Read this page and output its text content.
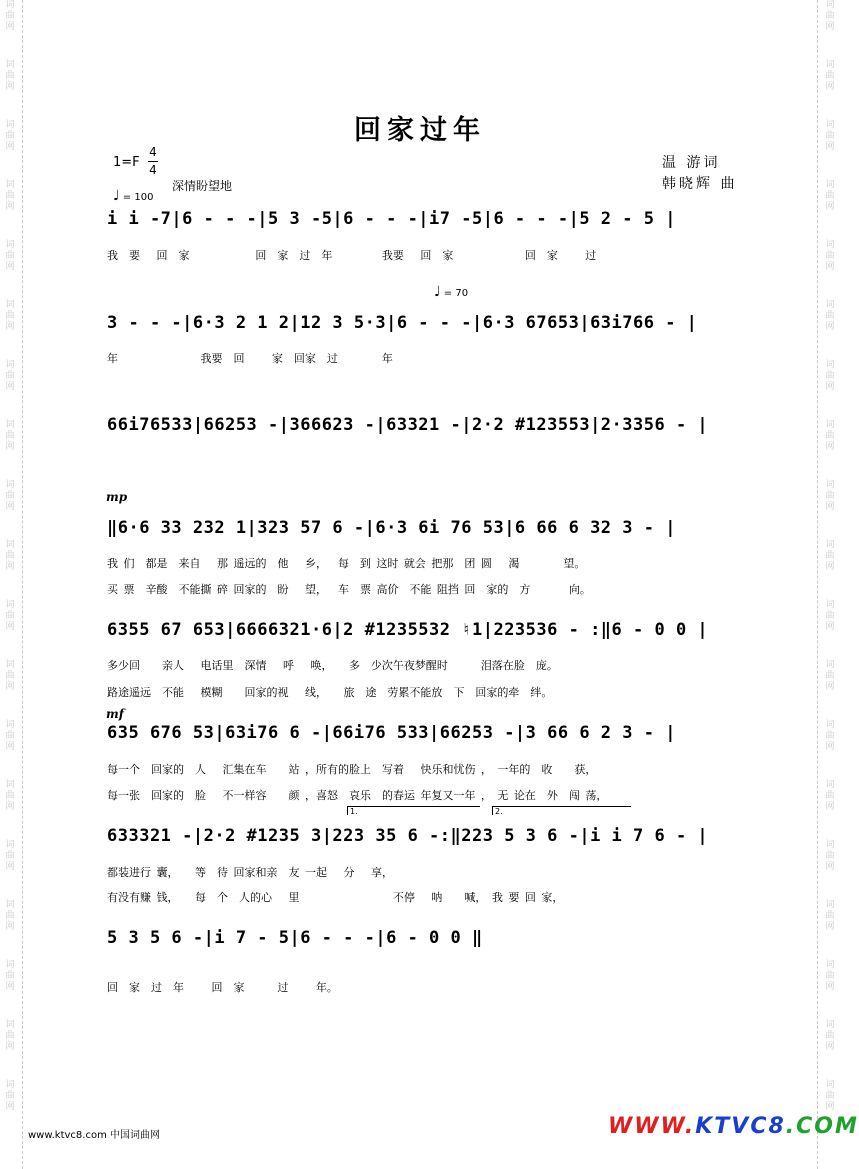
词
曲
网
词
曲
网
词
曲
网
词
曲
网
词
曲
网
词
曲
网
词
曲
网
词
曲
网
词
曲
网
词
曲
网
词
曲
网
词
曲
网
词
曲
网
词
曲
网
词
曲
网
词
曲
网
词
曲
网
词
曲
网
词
曲
网
词
曲
网
词
曲
网
词
曲
网
词
曲
网
词
曲
网
词
曲
网
词
曲
网
词
曲
网
词
曲
网
词
曲
网
词
曲
网
词
曲
网
词
曲
网
词
曲
网
词
曲
网
词
曲
网
词
曲
网
词
曲
网
词
曲
网
回家过年
1=F
4
4
♩ = 100
深情盼望地
♩ = 70
温 游词
韩晓辉 曲
mp
mf
i i -7|6 - - -|5 3 -5|6 - - -|i7 -5|6 - - -|5 2 - 5 |
我  要   回  家            回  家  过  年         我要   回  家             回  家     过
3 - - -|6·3 2 1 2|12 3 5·3|6 - - -|6·3 67653|63i766 - |
年               我要  回     家  回家  过        年
66i76533|66253 -|366623 -|63321 -|2·2 #123553|2·3356 - |
‖6·6 33 232 1|323 57 6 -|6·3 6i 76 53|6 66 6 32 3 - |
我 们  都是  来自   那 遥远的  他   乡，  每  到 这时 就会 把那  团 圆   渴        望。
买 票  辛酸  不能撕 碎 回家的  盼   望，  车  票 高价  不能 阻挡 回  家的  方       向。
6355 67 653|6666321·6|2 #1235532 ♮1|223536 - :‖6 - 0 0 |
多少回    亲人   电话里  深情   呼   唤，   多  少次午夜梦醒时      泪落在脸  庞。
路途遥远  不能   模糊    回家的视   线，   旅  途  劳累不能放  下  回家的牵  绊。
635 676 53|63i76 6 -|66i76 533|66253 -|3 66 6 2 3 - |
每一个  回家的  人   汇集在车    站 ，所有的脸上  写着   快乐和忧伤 ， 一年的  收    获，
每一张  回家的  脸   不一样容    颜 ，喜怒  哀乐  的春运 年复又一年 ， 无 论在  外  闯 荡，
1.	2.
633321 -|2·2 #1235 3|223 35 6 -:‖223 5 3 6 -|i i 7 6 - |
都装进行 囊，   等  待 回家和亲  友 一起   分   享，
有没有赚 钱，   每  个  人的心   里                 不停   呐    喊， 我 要 回 家，
5 3 5 6 -|i 7 - 5|6 - - -|6 - 0 0 ‖
回  家  过  年     回  家      过     年。
www.ktvc8.com 中国词曲网	WWW.KTVC8.COM
